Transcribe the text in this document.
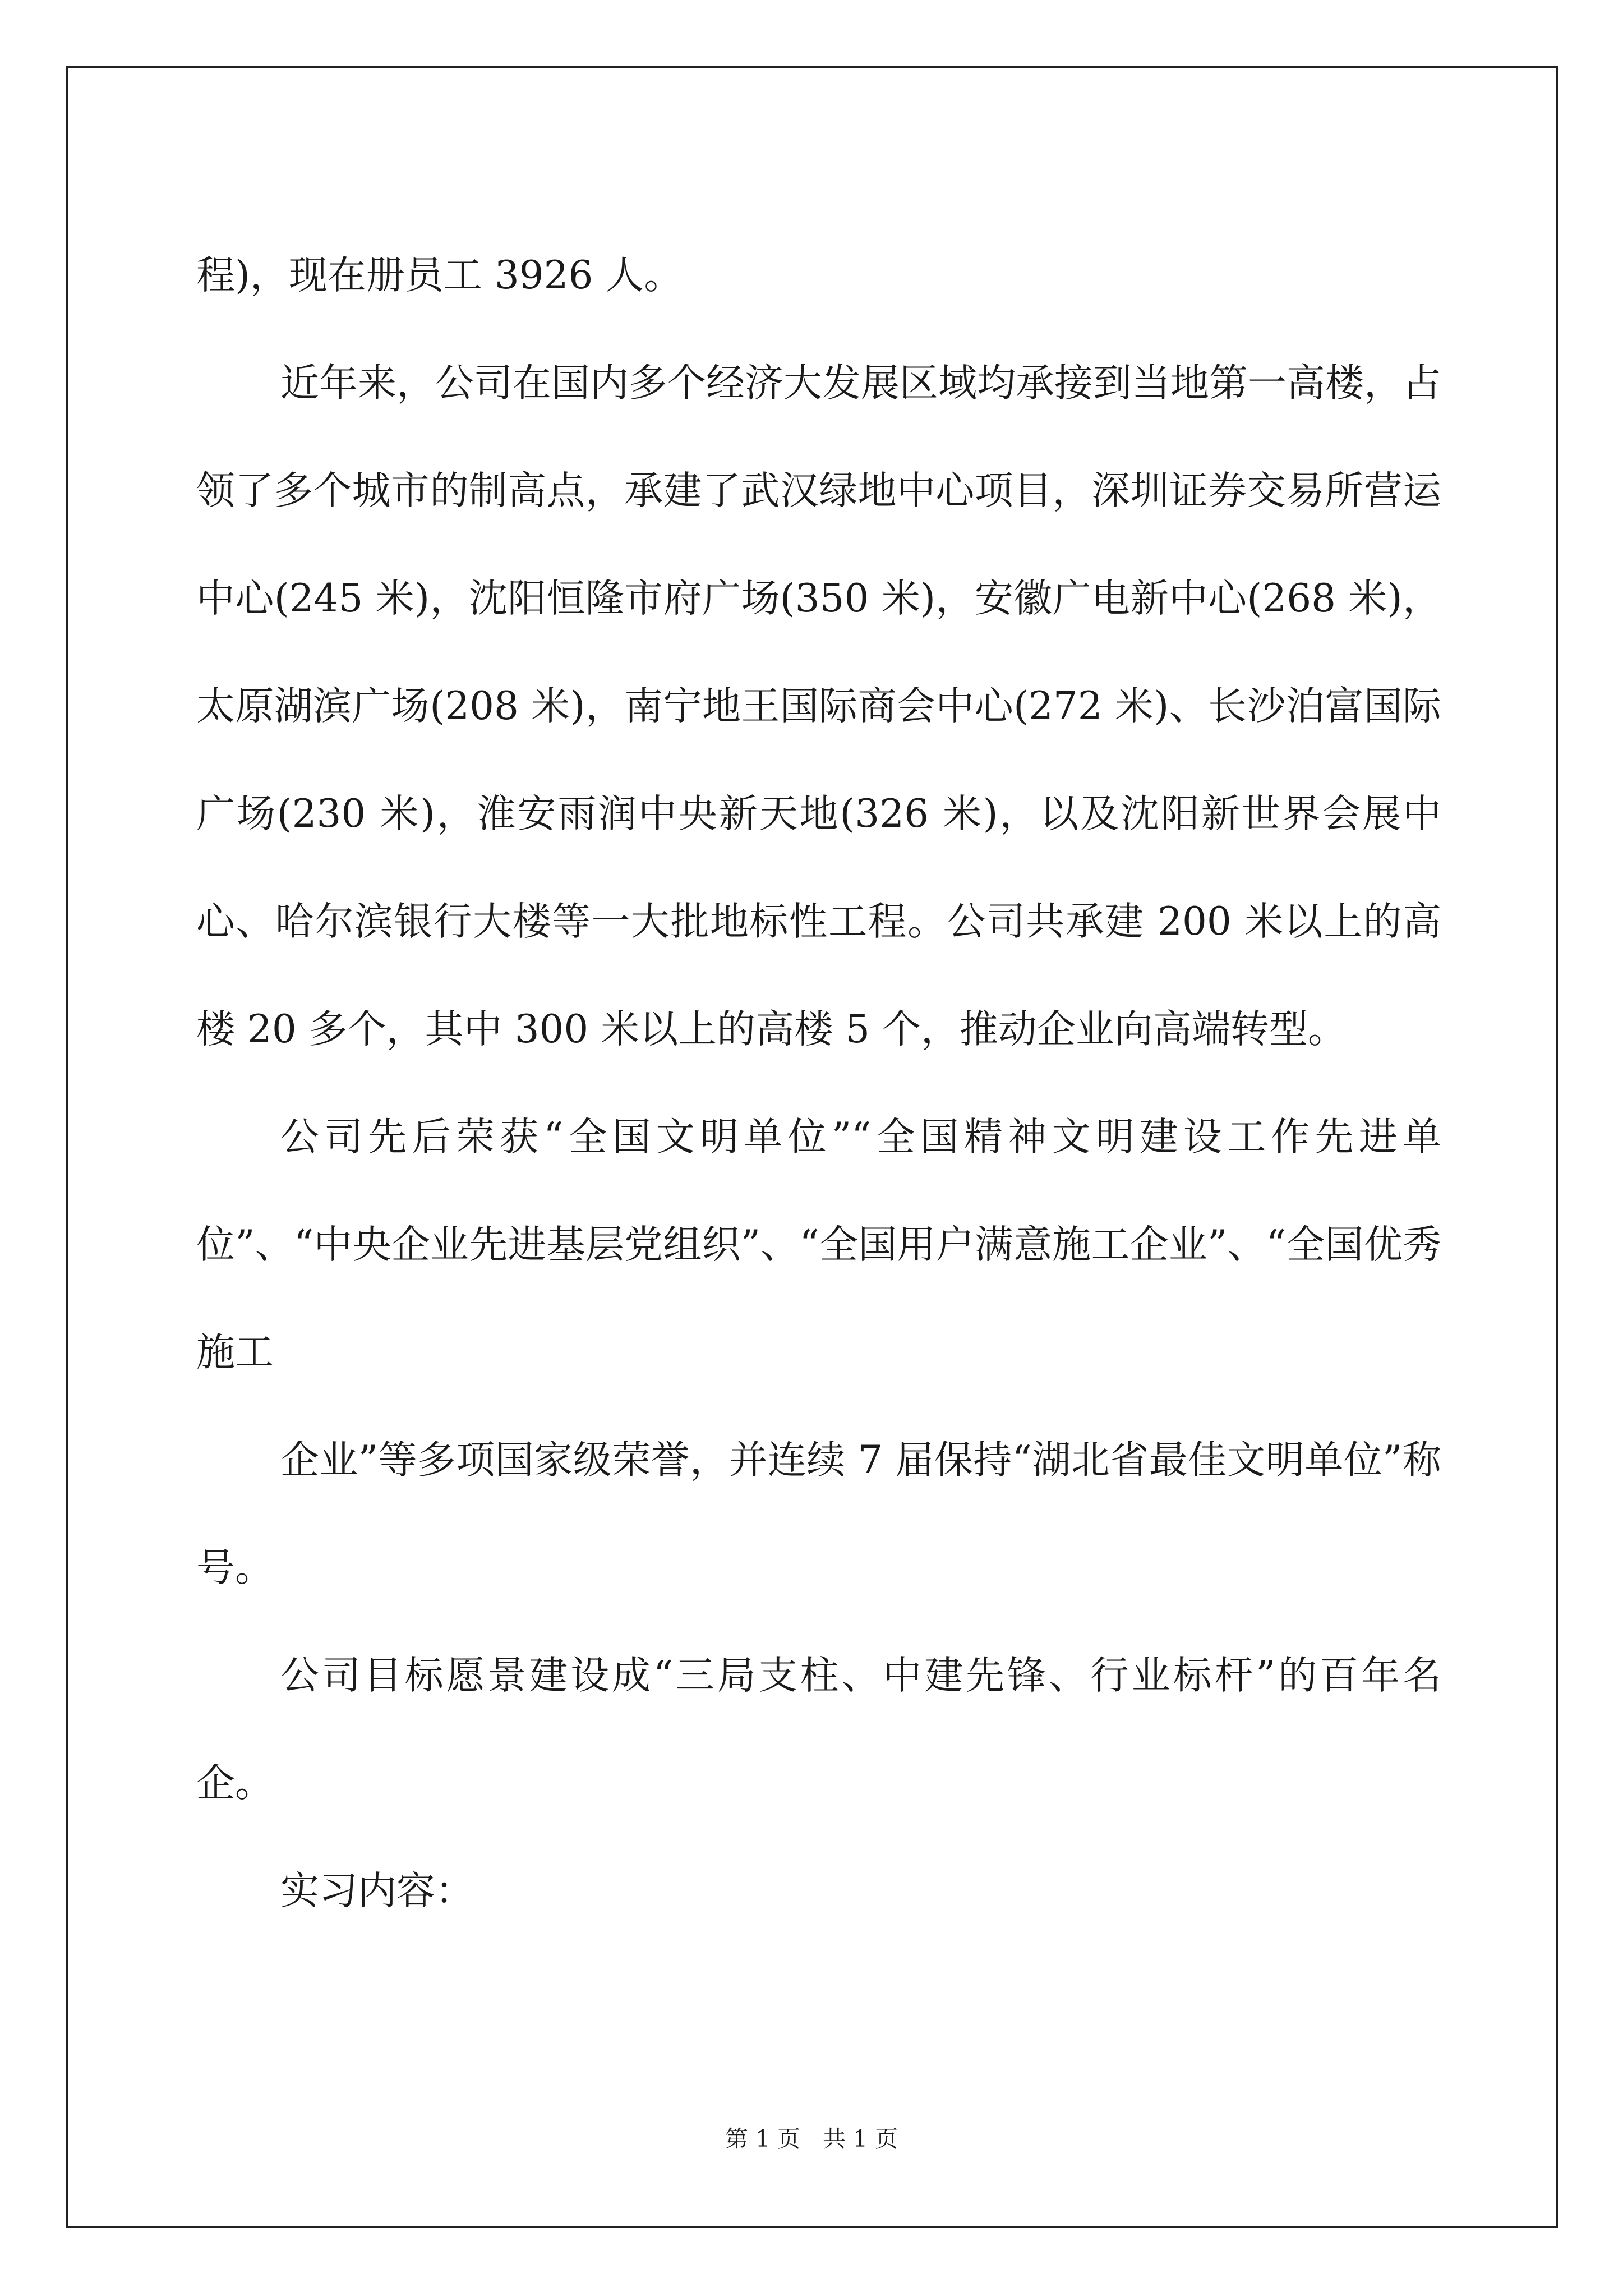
程)，现在册员工 3926 人。

近年来，公司在国内多个经济大发展区域均承接到当地第一高楼，占领了多个城市的制高点，承建了武汉绿地中心项目，深圳证券交易所营运中心(245 米)，沈阳恒隆市府广场(350 米)，安徽广电新中心(268 米)，太原湖滨广场(208 米)，南宁地王国际商会中心(272 米)、长沙泊富国际广场(230 米)，淮安雨润中央新天地(326 米)，以及沈阳新世界会展中心、哈尔滨银行大楼等一大批地标性工程。公司共承建 200 米以上的高楼 20 多个，其中 300 米以上的高楼 5 个，推动企业向高端转型。

公司先后荣获“全国文明单位”“全国精神文明建设工作先进单位”、“中央企业先进基层党组织”、“全国用户满意施工企业”、“全国优秀施工

企业”等多项国家级荣誉，并连续 7 届保持“湖北省最佳文明单位”称号。

公司目标愿景建设成“三局支柱、中建先锋、行业标杆”的百年名企。

实习内容：

第 1 页 共 1 页
